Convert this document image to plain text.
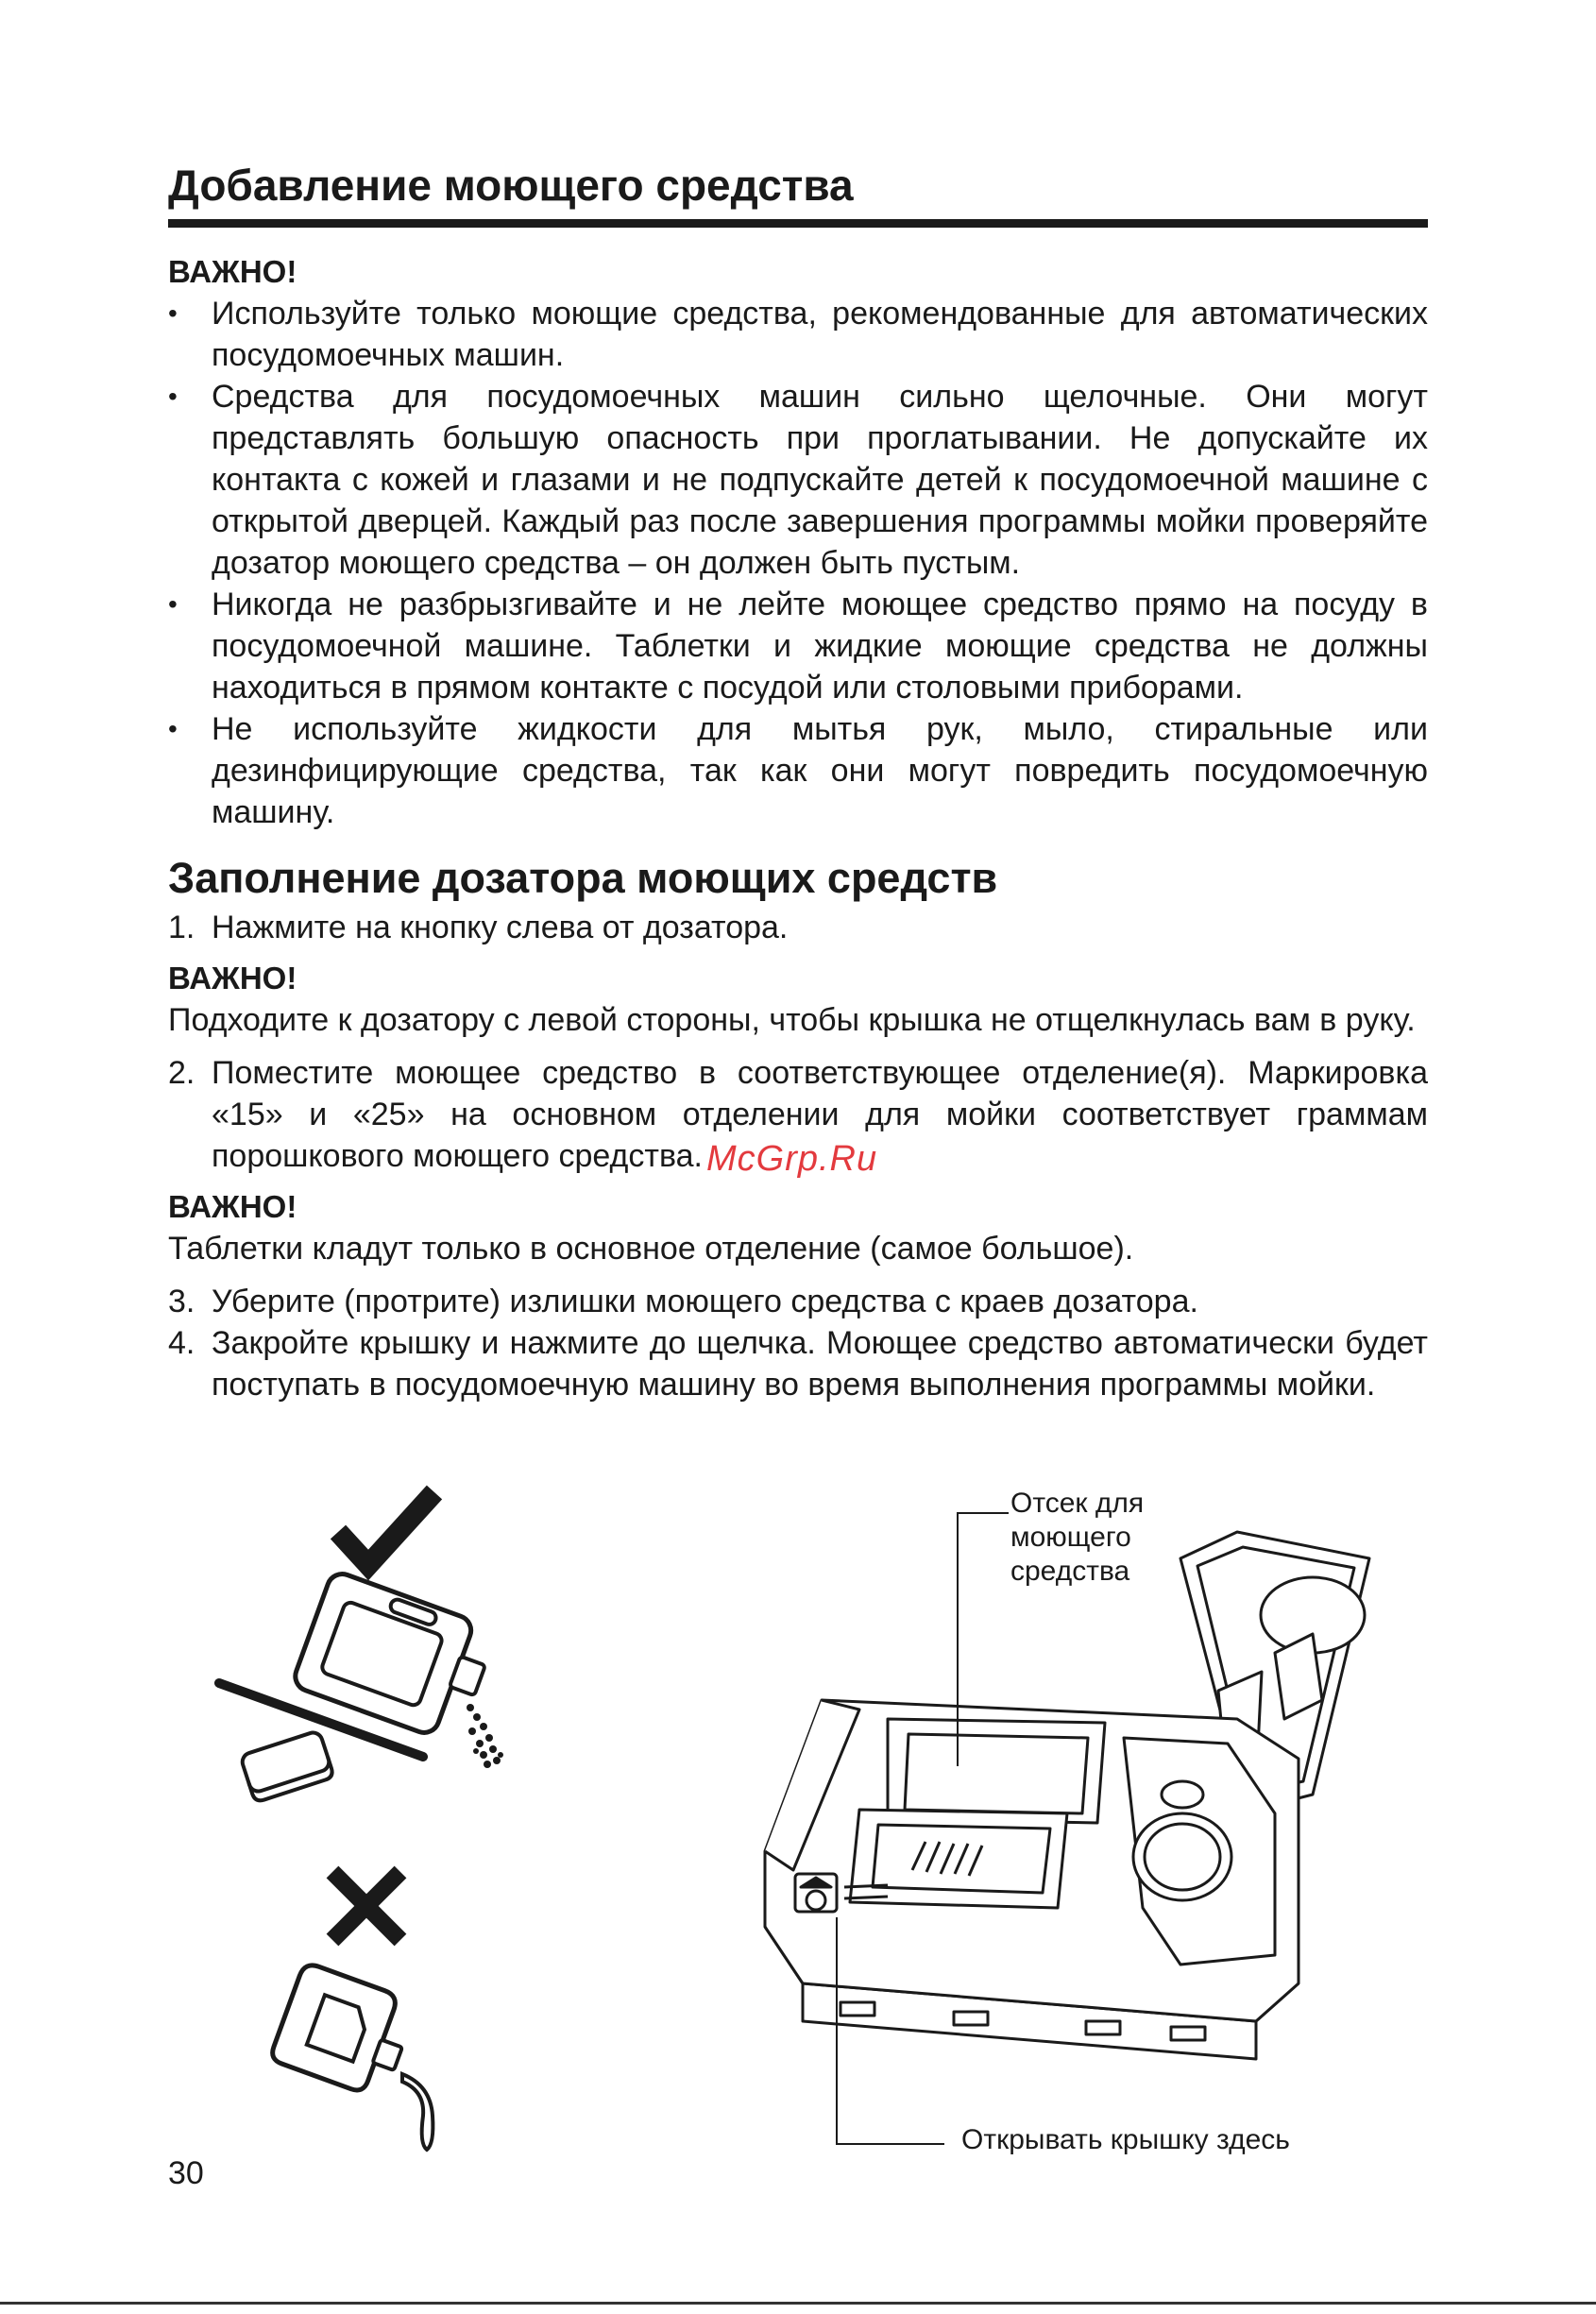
Добавление моющего средства
ВАЖНО!
• Используйте только моющие средства, рекомендованные для автоматических посудомоечных машин.
• Средства для посудомоечных машин сильно щелочные. Они могут представлять большую опасность при проглатывании. Не допускайте их контакта с кожей и глазами и не подпускайте детей к посудомоечной машине с открытой дверцей. Каждый раз после завершения программы мойки проверяйте дозатор моющего средства – он должен быть пустым.
• Никогда не разбрызгивайте и не лейте моющее средство прямо на посуду в посудомоечной машине. Таблетки и жидкие моющие средства не должны находиться в прямом контакте с посудой или столовыми приборами.
• Не используйте жидкости для мытья рук, мыло, стиральные или дезинфицирующие средства, так как они могут повредить посудомоечную машину.
Заполнение дозатора моющих средств
1. Нажмите на кнопку слева от дозатора.
ВАЖНО!
Подходите к дозатору с левой стороны, чтобы крышка не отщелкнулась вам в руку.
2. Поместите моющее средство в соответствующее отделение(я). Маркировка «15» и «25» на основном отделении для мойки соответствует граммам порошкового моющего средства.
ВАЖНО!
Таблетки кладут только в основное отделение (самое большое).
3. Уберите (протрите) излишки моющего средства с краев дозатора.
4. Закройте крышку и нажмите до щелчка. Моющее средство автоматически будет поступать в посудомоечную машину во время выполнения программы мойки.
McGrp.Ru
Отсек для
моющего
средства
Открывать крышку здесь
30
